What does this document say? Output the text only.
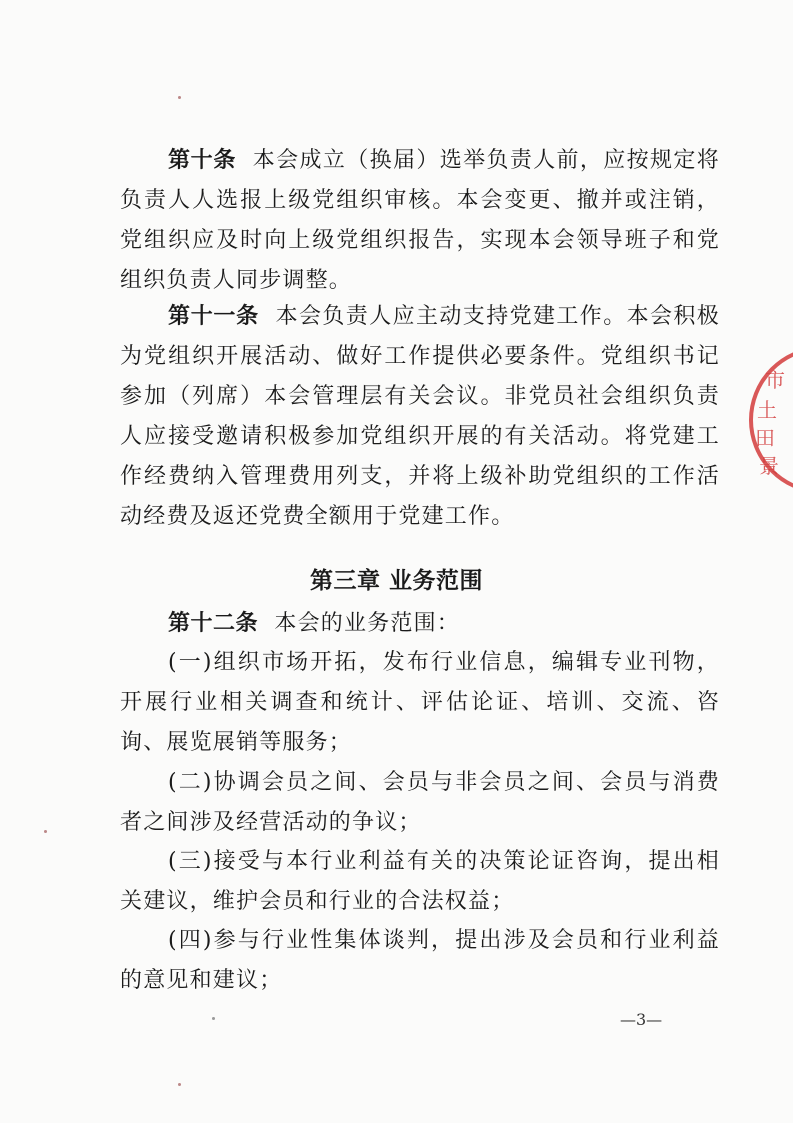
第十条 本会成立（换届）选举负责人前，应按规定将负责人人选报上级党组织审核。本会变更、撤并或注销，党组织应及时向上级党组织报告，实现本会领导班子和党组织负责人同步调整。

第十一条 本会负责人应主动支持党建工作。本会积极为党组织开展活动、做好工作提供必要条件。党组织书记参加（列席）本会管理层有关会议。非党员社会组织负责人应接受邀请积极参加党组织开展的有关活动。将党建工作经费纳入管理费用列支，并将上级补助党组织的工作活动经费及返还党费全额用于党建工作。

第三章 业务范围

第十二条 本会的业务范围：

(一)组织市场开拓，发布行业信息，编辑专业刊物，开展行业相关调查和统计、评估论证、培训、交流、咨询、展览展销等服务；

(二)协调会员之间、会员与非会员之间、会员与消费者之间涉及经营活动的争议；

(三)接受与本行业利益有关的决策论证咨询，提出相关建议，维护会员和行业的合法权益；

(四)参与行业性集体谈判，提出涉及会员和行业利益的意见和建议；

—3—
市
土
田
景
